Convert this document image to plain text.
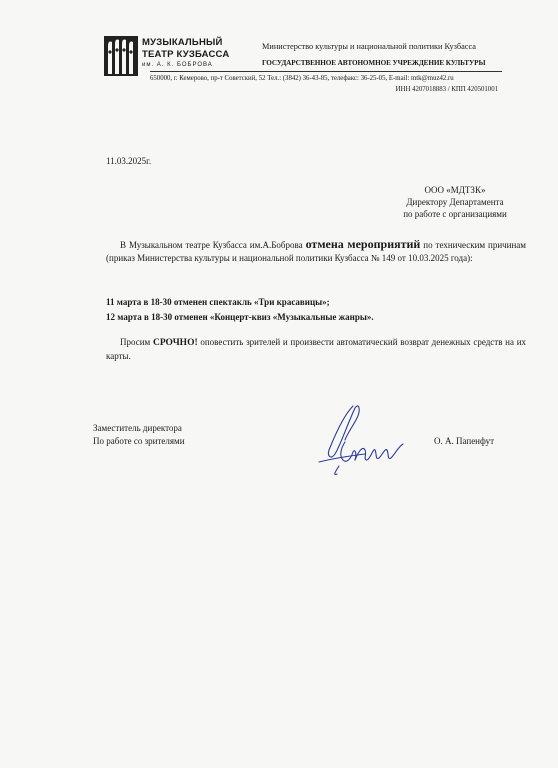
МУЗЫКАЛЬНЫЙ
ТЕАТР КУЗБАССА
им. А. К. БОБРОВА
Министерство культуры и национальной политики Кузбасса
ГОСУДАРСТВЕННОЕ АВТОНОМНОЕ УЧРЕЖДЕНИЕ КУЛЬТУРЫ
650000, г. Кемерово, пр-т Советский, 52 Тел.: (3842) 36-43-85, телефакс: 36-25-05, E-mail: mtk@muz42.ru
ИНН 4207018883 / КПП 420501001
11.03.2025г.
ООО «МДТЗК»
Директору Департамента
по работе с организациями
В Музыкальном театре Кузбасса им.А.Боброва отмена мероприятий по техническим причинам (приказ Министерства культуры и национальной политики Кузбасса № 149 от 10.03.2025 года):
11 марта в 18-30 отменен спектакль «Три красавицы»;
12 марта в 18-30 отменен «Концерт-квиз «Музыкальные жанры».
Просим СРОЧНО! оповестить зрителей и произвести автоматический возврат денежных средств на их карты.
Заместитель директора
По работе со зрителями	О. А. Папенфут
